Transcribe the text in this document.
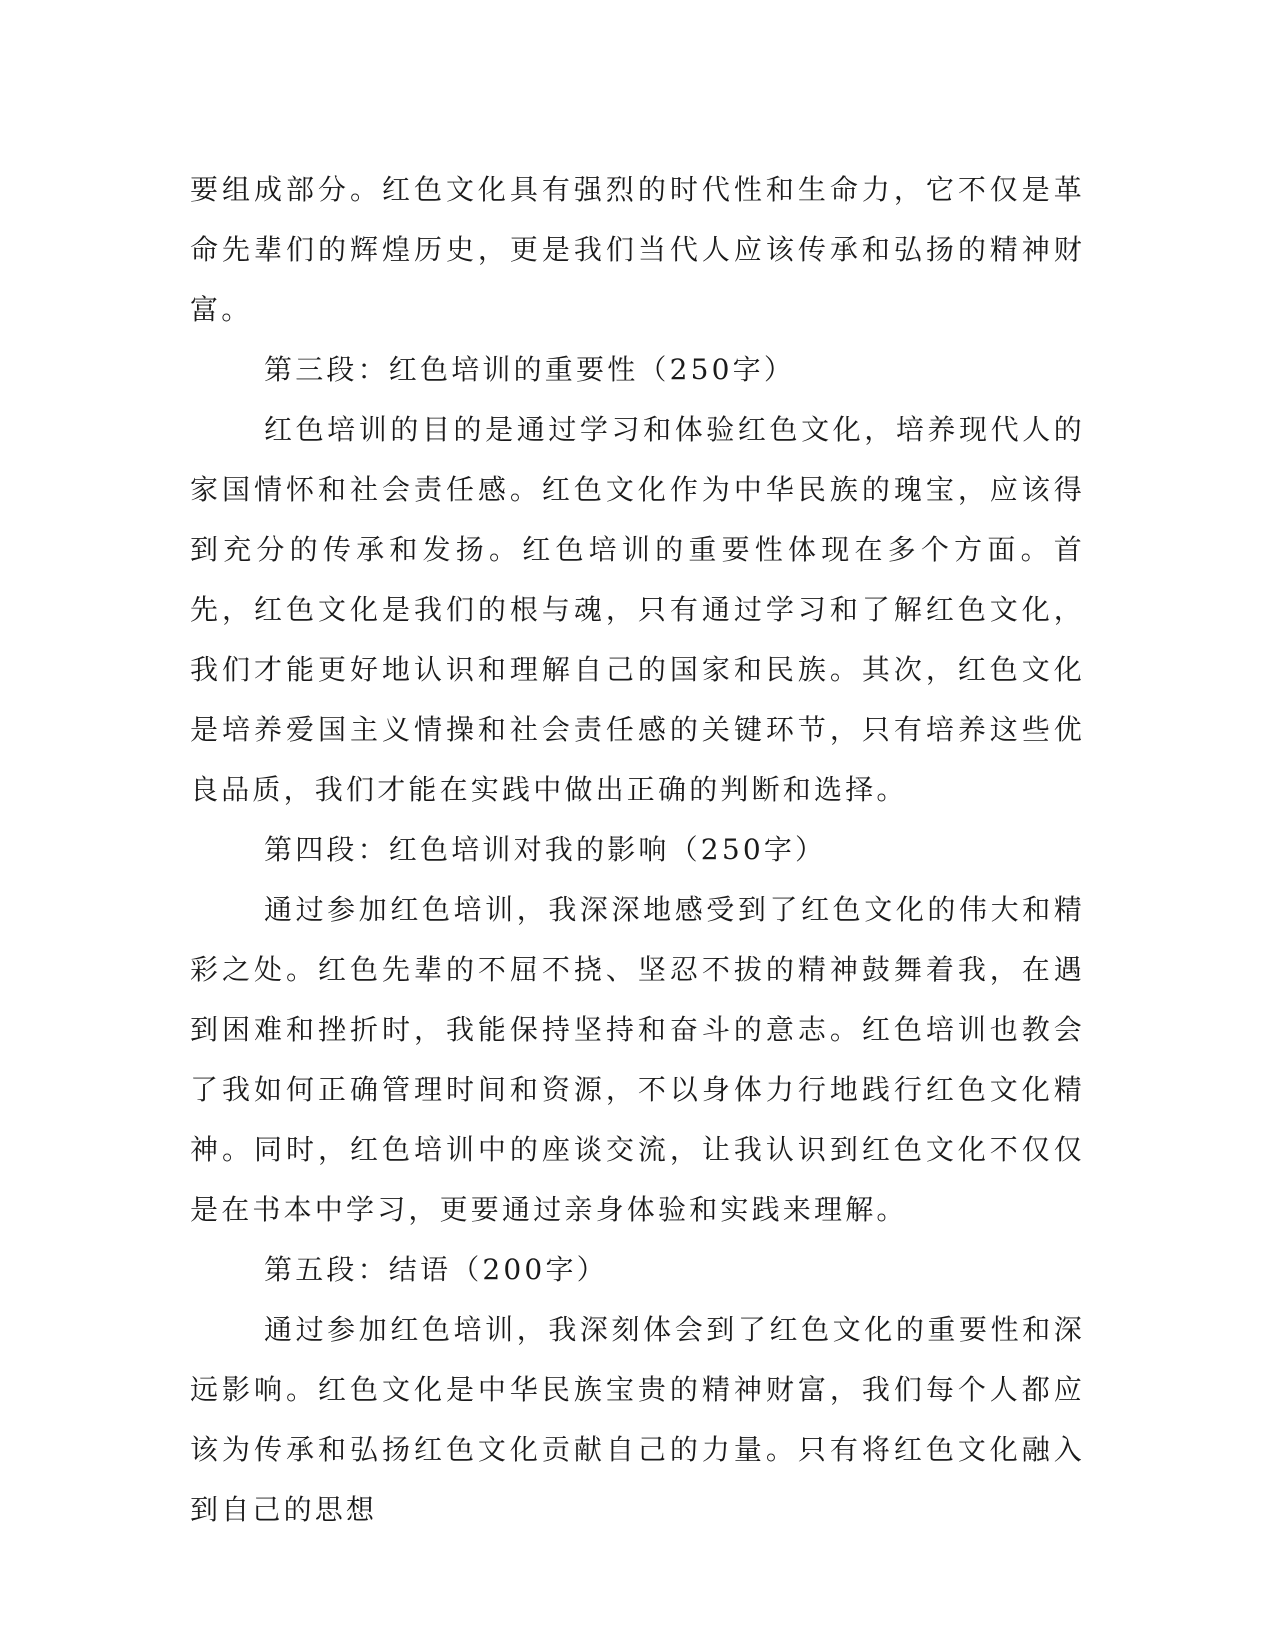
要组成部分。红色文化具有强烈的时代性和生命力，它不仅是革命先辈们的辉煌历史，更是我们当代人应该传承和弘扬的精神财富。

第三段：红色培训的重要性（250字）

红色培训的目的是通过学习和体验红色文化，培养现代人的家国情怀和社会责任感。红色文化作为中华民族的瑰宝，应该得到充分的传承和发扬。红色培训的重要性体现在多个方面。首先，红色文化是我们的根与魂，只有通过学习和了解红色文化，我们才能更好地认识和理解自己的国家和民族。其次，红色文化是培养爱国主义情操和社会责任感的关键环节，只有培养这些优良品质，我们才能在实践中做出正确的判断和选择。

第四段：红色培训对我的影响（250字）

通过参加红色培训，我深深地感受到了红色文化的伟大和精彩之处。红色先辈的不屈不挠、坚忍不拔的精神鼓舞着我，在遇到困难和挫折时，我能保持坚持和奋斗的意志。红色培训也教会了我如何正确管理时间和资源，不以身体力行地践行红色文化精神。同时，红色培训中的座谈交流，让我认识到红色文化不仅仅是在书本中学习，更要通过亲身体验和实践来理解。

第五段：结语（200字）

通过参加红色培训，我深刻体会到了红色文化的重要性和深远影响。红色文化是中华民族宝贵的精神财富，我们每个人都应该为传承和弘扬红色文化贡献自己的力量。只有将红色文化融入到自己的思想
